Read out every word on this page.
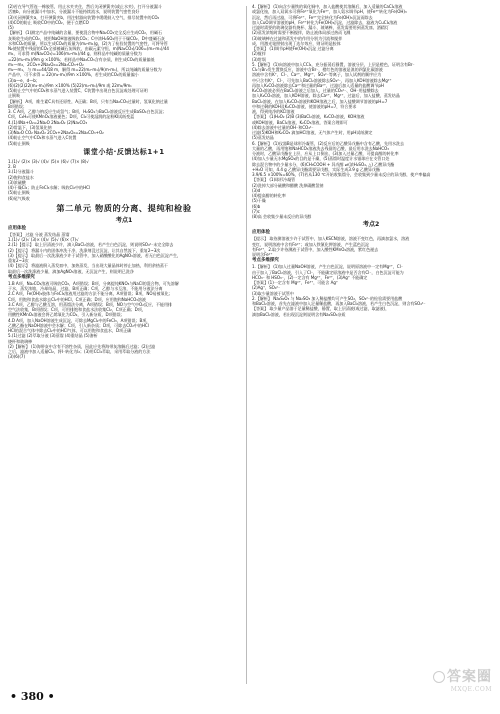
(2)若在导气管连一橡胶管，用止水夹夹住，然后关闭弹簧夹(或止水夹)，打开分液漏斗
活塞b，向分液漏斗中加水，分液漏斗不能持续流水，说明装置气密性良好
(3)关闭弹簧夹a，打开弹簧夹b，用注射器向装置中缓缓鼓入空气，排尽装置中的CO₂
(4)CO的防止 吸收CO中的CO₂，便于点燃CO
(5)
【解析】 (1)测定产品中纯碱的含量，要使混合物中Na₂CO₃完全反应生成CO₂，用碱石
灰吸收生成的CO₂，使用NaOH溶液吸收CO₂；C中浓H₂SO₄用于干燥CO₂，D中盛碱石灰
水和CO₂的质量，所以生成CO₂的质量为(m₂-m₁)g，(2)为了检验装置的气密性，可将导管
N₂使装置中残留的CO₂全部被碱石灰吸收，由碳元素守恒，m(Na₂CO₃)/106=(m₂-m₁)/44
m₁，可求得 m(Na₂CO₃)=106(m₂-m₁)/44 g，则样品中纯碱的质量分数为
=22(m₂-m₁)/9m g ×100%；若样品中Na₂CO₃含有杂质，则生成CO₂的质量偏低
m₁—m₂，2CO₂+2Na₂O₂=2Na₂CO₃+O₂
m₂—m₁，与 m₁=44/18 m，解得 m=22(m₂-m₁)/9(m-m₁)，所以纯碱的质量分数为
产品中，可不求得 = 22(m₂-m₁)/9m ×100%，若生成的CO₂的质量偏小
(3)a—e，d—b；
(6)(2)(2)22(m₂-m₁)/9m ×100% (5)22(m₂-m₁)/9m 或 22m₂/9m₁
(5)防止空气中的CO₂和水蒸气进入装置C，C装置中出现白色沉淀或处理可证明
止倒吸
【解析】 A项，维生素C具有还原性，A正确；B项，只有当Na₂CO₃过量时，氢氧化钠过量
B项错误；
3. C A项，乙醇与钠反应生成氢气；B项，H₂SO₄与BaCl₂溶液反应生成BaSO₄白色沉淀；
C项，C₂H₄可使KMnO₄溶液褪色；D项，Cl₂可使湿润的淀粉KI试纸变蓝
4.(1)4Na+O₂=2Na₂O 2Na₂O₂ (2)Na₂CO₃
(2)常温下，(3)氢氧化钠
(3)Na₂O CO₂ Na₂O₂ 2CO₂+2Na₂O₂=2Na₂CO₃+O₂
(4)防止空气中CO₂和水蒸气进入C装置
(5)防止倒吸
课堂小结·反馈达标1+1
1.(1)√ (2)× (3)√ (4)√ (5)× (6)√ (7)× (8)√
2. B
3.(1)分液漏斗
(2)饱和食盐水
(3)浓硫酸
(4)干燥Cl₂；防止FeCl₃水解；吸收Cl₂中的HCl
(5)防止倒吸
(6)尾气吸收
第二单元 物质的分离、提纯和检验
考点1
应用体验
【答案】 过滤 分液 蒸发结晶 蒸馏
1.(1)√ (2)√ (3)× (4)√ (5)√ (6)× (7)√
2.(1)【提示】 取上层清液少许，滴入BaCl₂溶液，若产生白色沉淀，则说明SO₄²⁻未完全除去
(2)【提示】 将漏斗内的固体冲洗干净，洗涤剂没过沉淀，让其自然流下，重复2~3次
(3)【提示】 取最后一次洗涤液少许于试管中，加入硝酸酸化的AgNO₃溶液，若无白色沉淀产生，
重复2~3次
(4)【提示】 将滤液倒入蒸发皿中，加热蒸发，当出现大量晶体时停止加热，利用余热蒸干
取最后一次洗涤液少量，滴加AgNO₃溶液，无沉淀产生，则说明已洗净
考点多维探究
1.B A项，Na₂CO₃溶液可吸收CO₂，A项错误；B项，分离提纯KNO₃与NaCl的混合物，可先溶解
于水，蒸发浓缩，冷却结晶，过滤，B项正确；C项，乙醇与水互溶，不能用分液法分离
2.C A项，Fe(OH)₃胶体与FeCl₃溶液用过滤的方法不能分离，A项错误；B项，NO易被氧化；
C项，用饱和食盐水除去Cl₂中的HCl，C项正确；D项，应用饱和NaHCO₃溶液
3.C A项，乙醇与乙酸互溶，用蒸馏法分离，A项错误；B项，NO与空气中O₂反应，不能用排
空气法收集，B项错误；C项，可用排饱和食盐水法收集Cl₂，C项正确；D项，
用酸性KMnO₄溶液会将乙烯氧化为CO₂，引入新杂质，D项错误；
4.D A项，加入NaOH溶液生成沉淀，可除去MgCl₂中的FeCl₃，A项错误；B项，
乙酸乙酯在NaOH溶液中会水解；C项，引入新杂质；D项，可除去CO₂中的HCl
HCl的混合气体中除去Cl₂中的HCl气体，可以用饱和食盐水，D项正确
5.(1)过滤 (2)萃取分液 (3)蒸馏 (4)重结晶 (5)渗析
烧杯和玻璃棒
(2)【解析】 (1)海带灰中含有不溶性杂质，因此应先将海带灰溶解后过滤；(2)过滤
之后，滤液中加入适量Cl₂，将I⁻转化为I₂；(3)用CCl₄萃取，采用萃取分液的方法
(3)(6)(7)
4.【解析】 (1)向含少量铁的氧化铜中，加入盐酸使其溶解后，加入适量的CaCl₂溶液
或氯化铵，加入双氧水可将Fe²⁺氧化为Fe³⁺，加入氨水调节pH，使Fe³⁺转化为Fe(OH)₃
沉淀，然后再过滤，可将Fe²⁺、Fe³⁺完全转化为Fe(OH)₃沉淀而除去
加入CuO调节溶液的pH，Fe³⁺转化为Fe(OH)₃沉淀，过滤除去，滤液为CuCl₂溶液
过滤时需要的玻璃仪器有烧杯、漏斗、玻璃棒，蒸发需要用到蒸发皿、酒精灯
(2)蒸发浓缩时需要不断搅拌，防止液体局部过热而飞溅
(3)玻璃棒在过滤和蒸发中的作用分别为引流和搅拌
成，用激光笔照射出现丁达尔效应，则证明是胶体
【答案】 (1)调节pH使Fe(OH)₃沉淀 过滤分离
(2)搅拌
(3)坩埚
5.【解析】 (1)向溶液中加入CCl₄，充分振荡后静置，溶液分层，上层是橙色，证明含有Br⁻
Cl₂与Br₂发生置换反应，溶液中含Br⁻，橙红色的溶液是溴的四氯化碳溶液
溶液中含有K⁺、Cl⁻、Ca²⁺、Mg²⁺、SO₄²⁻等离子，加入试剂的顺序应为
中只含有K⁺、Cl⁻，可先加入BaCl₂溶液除去SO₄²⁻，再加入KOH溶液除去Mg²⁺
再加入K₂CO₃溶液除去Ca²⁺和过量的Ba²⁺，过滤后加入适量的盐酸调节pH
K₂CO₃溶液必须在BaCl₂溶液之后加入，过量的CO₃²⁻、OH⁻用盐酸除去
加入K₂CO₃溶液，加入KOH溶液，除去Ca²⁺、Mg²⁺，过滤后，加入盐酸，蒸发结晶
BaCl₂溶液，在加入K₂CO₃溶液和KOH溶液之后，加入盐酸调节溶液的pH=7
中和过剩的KOH及K₂CO₃溶液，使溶液的pH=7，符合要求
液，得到纯净的KCl溶液
【答案】 (1)H₂O₂ (2)B (3)BaCl₂溶液，K₂CO₃溶液，KOH溶液
或KOH溶液、BaCl₂溶液、K₂CO₃溶液，答案合理即可
(4)除去溶液中过量的OH⁻和CO₃²⁻
过滤(5)KOH和K₂CO₃ 滴加HCl溶液，无气体产生时，用pH试纸测定
(5)蒸发结晶
6.【解析】 (1)仪器B是球形冷凝管，(2)反应后的乙酸异戊酯中含有乙酸，先用水洗去
大量的乙酸，再用饱和NaHCO₃溶液洗去残留的乙酸，最后用水洗去NaHCO₃
分液时，乙酸异戊酯在上层，应从上口倒出，(3)加入过量乙酸，可提高醇的转化率
(4)加入少量无水MgSO₄的目的是干燥，(5)蒸馏时温度计水银球应在支管口处
除去混合物中的少量水分，(6)CH₃COOH + 异戊醇 ⇌(浓H₂SO₄, △) 乙酸异戊酯
+H₂O 可知，4.4 g 乙酸异戊酯需要异戊醇，实际生成3.9 g 乙酸异戊酯
3.9/6.5 ×100%=60%，(7)若从130 ℃开始收集馏分，会收集到少量未反应的异戊醇，使产率偏高
【答案】 (1)球形冷凝管
(2)洗掉大部分硫酸和醋酸 洗掉碳酸氢钠
(3)d
(4)提高醇的转化率
(5)干燥
(6)b
(7)c
(8)高 会收集少量未反应的异戊醇
考点2
应用体验
【提示】 取待测溶液少许于试管中，加入KSCN溶液，溶液不变红色，再滴加氯水，溶液
变红，说明溶液中含有Fe²⁺；或加入铁氰化钾溶液，产生蓝色沉淀
有Fe²⁺，2.取少许待测液于试管中，加入酸性KMnO₄溶液，紫红色褪去
说明含Fe²⁺
考点多维探究
1.【解析】 (1)加入过量NaOH溶液，产生白色沉淀，说明原溶液中一定有Mg²⁺，Cl⁻
由于加入了BaCl₂溶液，引入了Cl⁻，不能确定原溶液中是否含有Cl⁻，白色沉淀可能为
HCO₃⁻ 和 HSO₃⁻，(2)一定含有 Mg²⁺，Fe³⁺，(3)Ag⁺ 不能确定
【答案】(1)一定含有 Mg²⁺，Fe³⁺，可能含 Ag⁺
(2)Ag⁺，SO₄²⁻
(3)取少量溶液于试管中
2.【解析】 Na₂S₂O₃ 与 Na₂SO₃ 加入稀盐酸均可产生SO₂，SO₄²⁻的检验需要用盐酸
和BaCl₂溶液，首先在滤液中加入足量稀盐酸，再加入BaCl₂溶液，若产生白色沉淀，则含有SO₄²⁻
【答案】 取少量产品溶于足量稀盐酸，静置，取上层清液(或过滤，取滤液)，
滴加BaCl₂溶液，若出现沉淀则说明含有Na₂SO₄杂质
• 380 •
答案圈
MXQE.COM
